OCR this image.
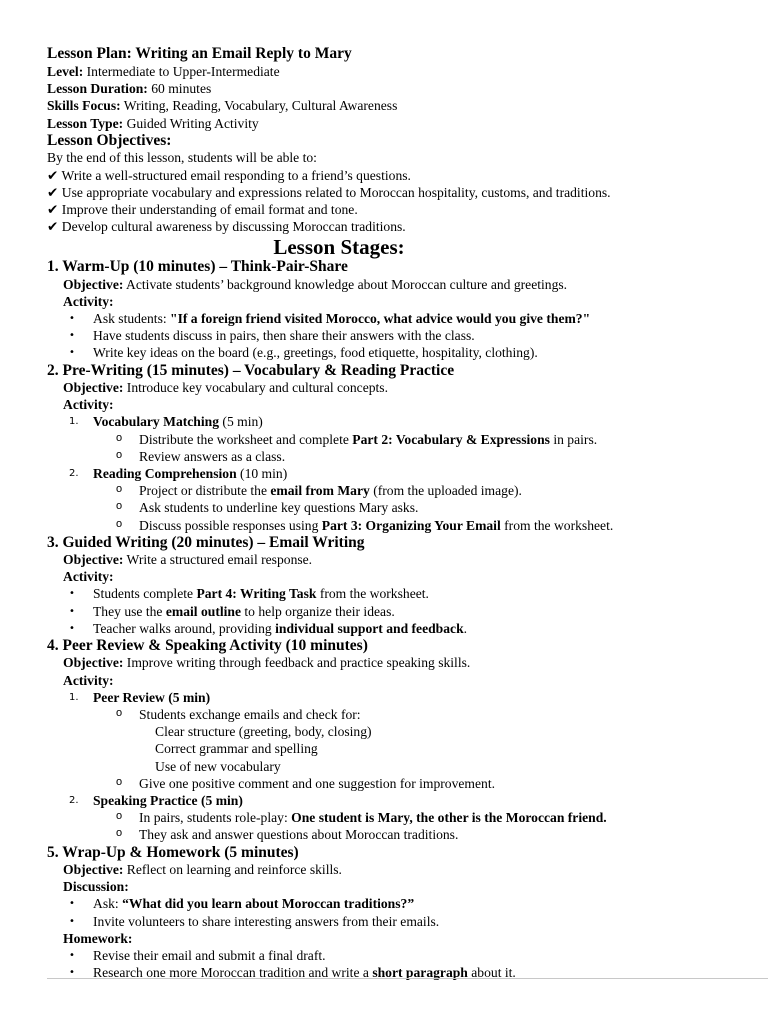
Lesson Plan: Writing an Email Reply to Mary
Level: Intermediate to Upper-Intermediate
Lesson Duration: 60 minutes
Skills Focus: Writing, Reading, Vocabulary, Cultural Awareness
Lesson Type: Guided Writing Activity
Lesson Objectives:
By the end of this lesson, students will be able to:
✔ Write a well-structured email responding to a friend’s questions.
✔ Use appropriate vocabulary and expressions related to Moroccan hospitality, customs, and traditions.
✔ Improve their understanding of email format and tone.
✔ Develop cultural awareness by discussing Moroccan traditions.
Lesson Stages:
1. Warm-Up (10 minutes) – Think-Pair-Share
Objective: Activate students’ background knowledge about Moroccan culture and greetings.
Activity:
• Ask students: "If a foreign friend visited Morocco, what advice would you give them?"
• Have students discuss in pairs, then share their answers with the class.
• Write key ideas on the board (e.g., greetings, food etiquette, hospitality, clothing).
2. Pre-Writing (15 minutes) – Vocabulary & Reading Practice
Objective: Introduce key vocabulary and cultural concepts.
Activity:
1. Vocabulary Matching (5 min)
o Distribute the worksheet and complete Part 2: Vocabulary & Expressions in pairs.
o Review answers as a class.
2. Reading Comprehension (10 min)
o Project or distribute the email from Mary (from the uploaded image).
o Ask students to underline key questions Mary asks.
o Discuss possible responses using Part 3: Organizing Your Email from the worksheet.
3. Guided Writing (20 minutes) – Email Writing
Objective: Write a structured email response.
Activity:
• Students complete Part 4: Writing Task from the worksheet.
• They use the email outline to help organize their ideas.
• Teacher walks around, providing individual support and feedback.
4. Peer Review & Speaking Activity (10 minutes)
Objective: Improve writing through feedback and practice speaking skills.
Activity:
1. Peer Review (5 min)
o Students exchange emails and check for:
Clear structure (greeting, body, closing)
Correct grammar and spelling
Use of new vocabulary
o Give one positive comment and one suggestion for improvement.
2. Speaking Practice (5 min)
o In pairs, students role-play: One student is Mary, the other is the Moroccan friend.
o They ask and answer questions about Moroccan traditions.
5. Wrap-Up & Homework (5 minutes)
Objective: Reflect on learning and reinforce skills.
Discussion:
• Ask: “What did you learn about Moroccan traditions?”
• Invite volunteers to share interesting answers from their emails.
Homework:
• Revise their email and submit a final draft.
• Research one more Moroccan tradition and write a short paragraph about it.
